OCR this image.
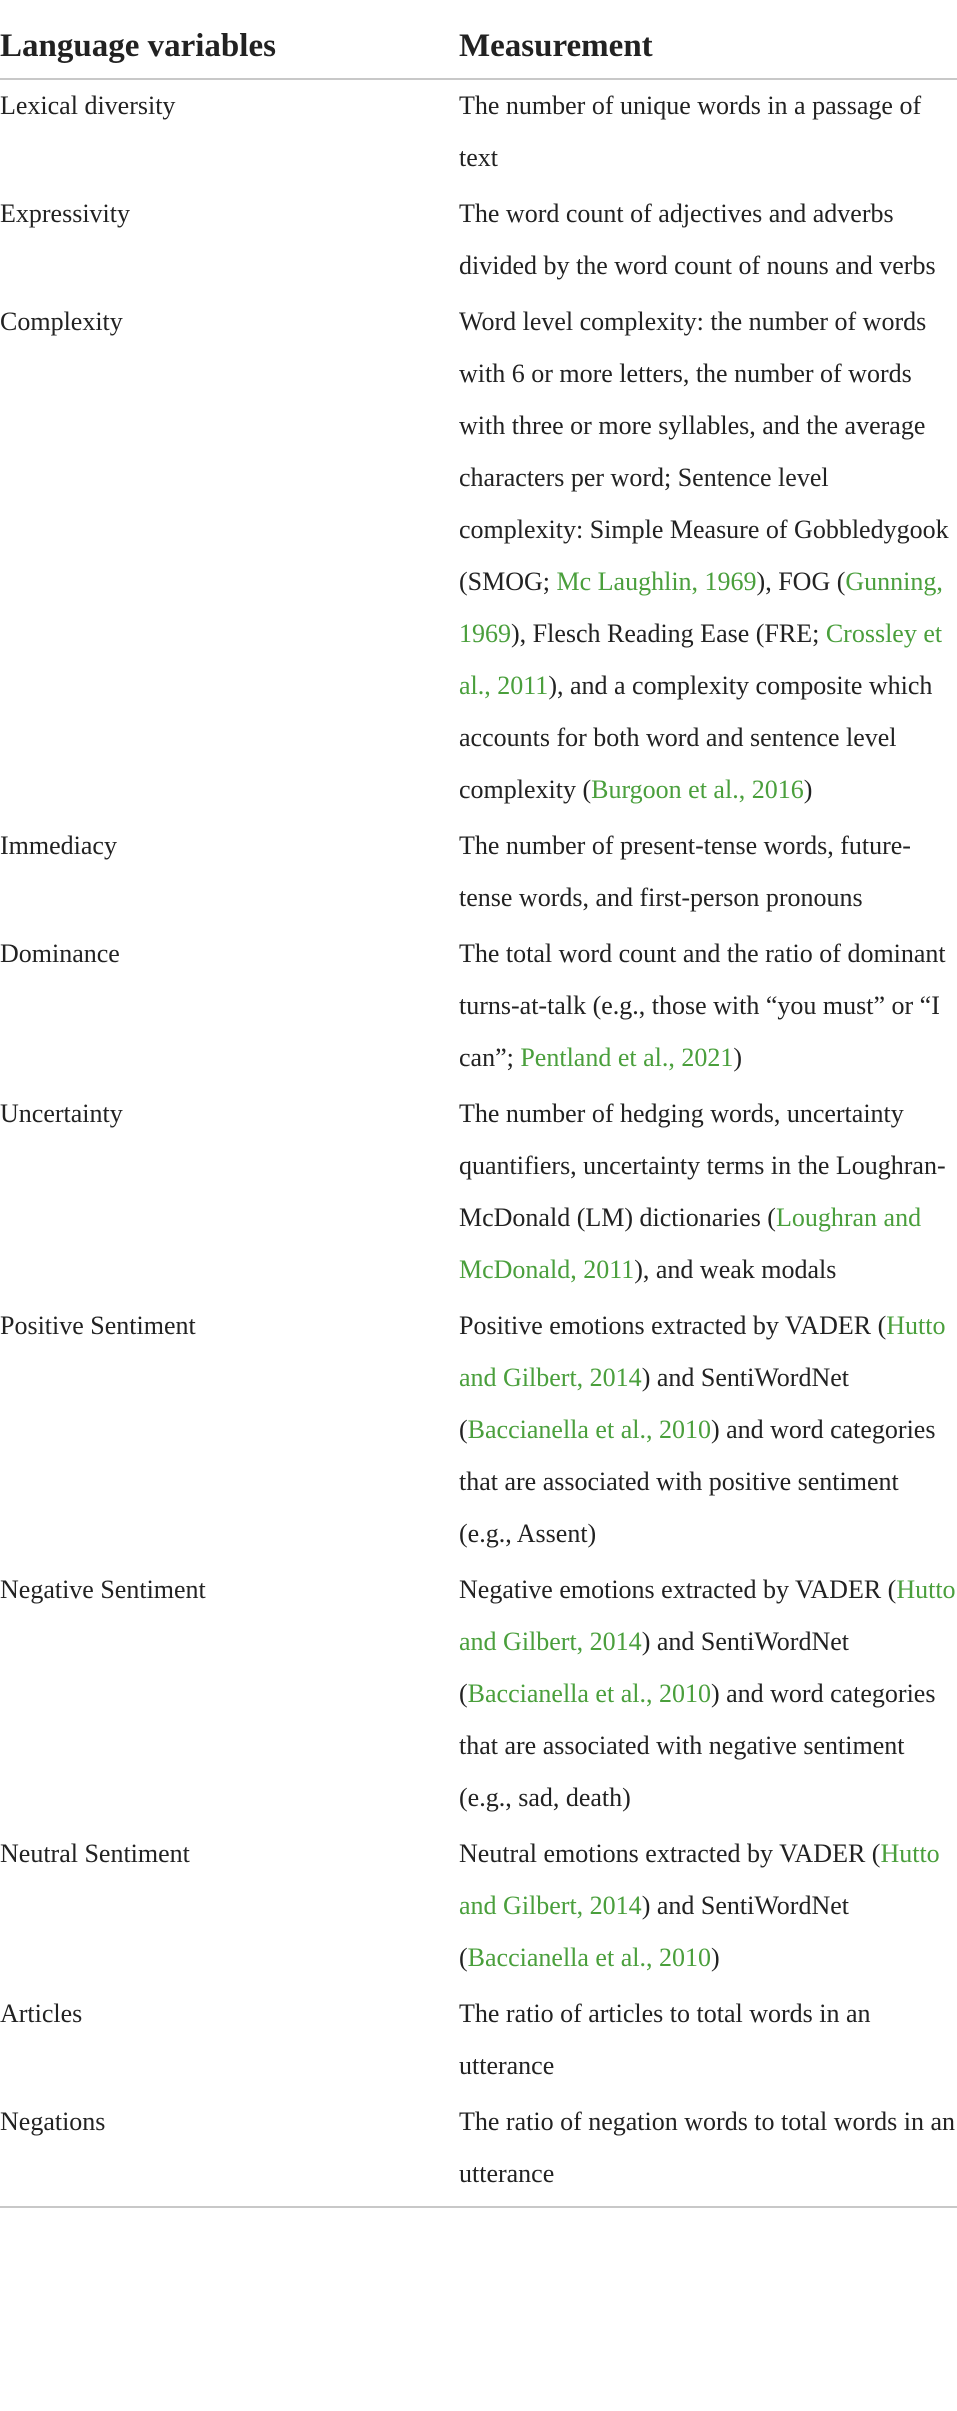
Language variables	Measurement
Lexical diversity	The number of unique words in a passage of text
Expressivity	The word count of adjectives and adverbs divided by the word count of nouns and verbs
Complexity	Word level complexity: the number of words with 6 or more letters, the number of words with three or more syllables, and the average characters per word; Sentence level complexity: Simple Measure of Gobbledygook (SMOG; Mc Laughlin, 1969), FOG (Gunning, 1969), Flesch Reading Ease (FRE; Crossley et al., 2011), and a complexity composite which accounts for both word and sentence level complexity (Burgoon et al., 2016)
Immediacy	The number of present-tense words, future-tense words, and first-person pronouns
Dominance	The total word count and the ratio of dominant turns-at-talk (e.g., those with “you must” or “I can”; Pentland et al., 2021)
Uncertainty	The number of hedging words, uncertainty quantifiers, uncertainty terms in the Loughran-McDonald (LM) dictionaries (Loughran and McDonald, 2011), and weak modals
Positive Sentiment	Positive emotions extracted by VADER (Hutto and Gilbert, 2014) and SentiWordNet (Baccianella et al., 2010) and word categories that are associated with positive sentiment (e.g., Assent)
Negative Sentiment	Negative emotions extracted by VADER (Hutto and Gilbert, 2014) and SentiWordNet (Baccianella et al., 2010) and word categories that are associated with negative sentiment (e.g., sad, death)
Neutral Sentiment	Neutral emotions extracted by VADER (Hutto and Gilbert, 2014) and SentiWordNet (Baccianella et al., 2010)
Articles	The ratio of articles to total words in an utterance
Negations	The ratio of negation words to total words in an utterance
